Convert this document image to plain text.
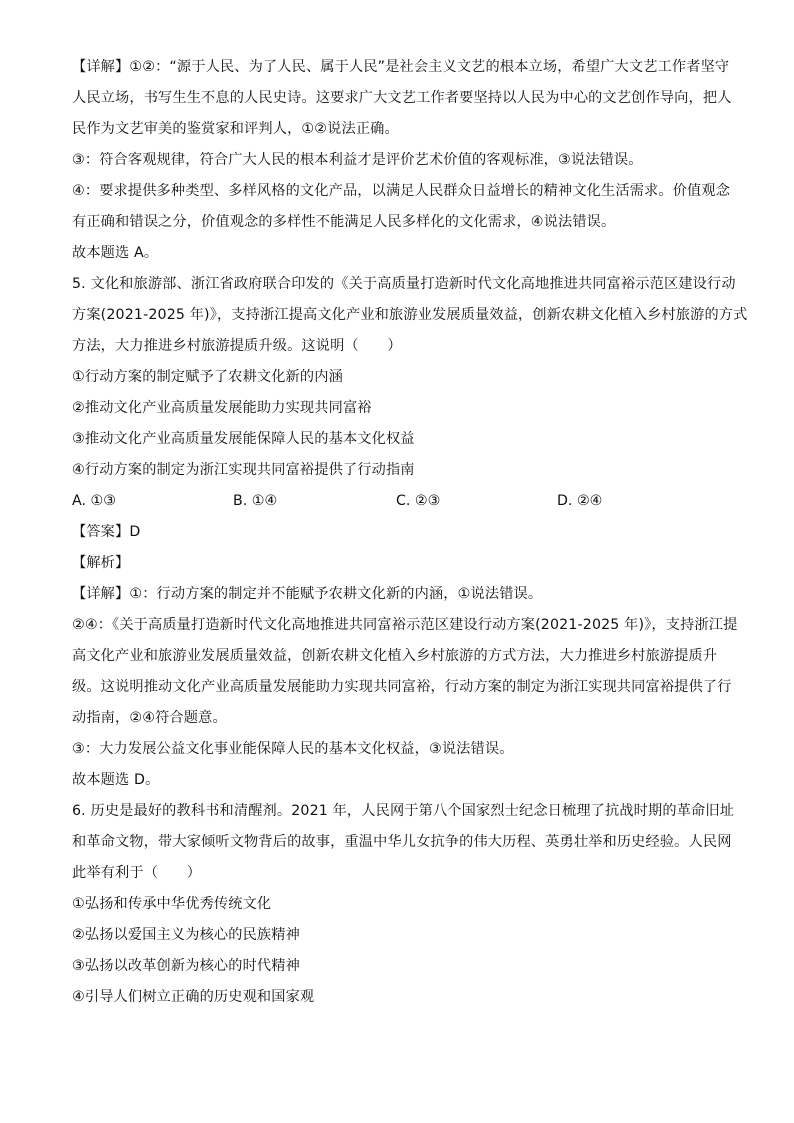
【详解】①②：“源于人民、为了人民、属于人民”是社会主义文艺的根本立场，希望广大文艺工作者坚守
人民立场，书写生生不息的人民史诗。这要求广大文艺工作者要坚持以人民为中心的文艺创作导向，把人
民作为文艺审美的鉴赏家和评判人，①②说法正确。
③：符合客观规律，符合广大人民的根本利益才是评价艺术价值的客观标准，③说法错误。
④：要求提供多种类型、多样风格的文化产品，以满足人民群众日益增长的精神文化生活需求。价值观念
有正确和错误之分，价值观念的多样性不能满足人民多样化的文化需求，④说法错误。
故本题选 A。
5. 文化和旅游部、浙江省政府联合印发的《关于高质量打造新时代文化高地推进共同富裕示范区建设行动
方案(2021-2025 年)》，支持浙江提高文化产业和旅游业发展质量效益，创新农耕文化植入乡村旅游的方式
方法，大力推进乡村旅游提质升级。这说明（　　）
①行动方案的制定赋予了农耕文化新的内涵
②推动文化产业高质量发展能助力实现共同富裕
③推动文化产业高质量发展能保障人民的基本文化权益
④行动方案的制定为浙江实现共同富裕提供了行动指南
A. ①③	B. ①④	C. ②③	D. ②④
【答案】D
【解析】
【详解】①：行动方案的制定并不能赋予农耕文化新的内涵，①说法错误。
②④：《关于高质量打造新时代文化高地推进共同富裕示范区建设行动方案(2021-2025 年)》，支持浙江提
高文化产业和旅游业发展质量效益，创新农耕文化植入乡村旅游的方式方法，大力推进乡村旅游提质升
级。这说明推动文化产业高质量发展能助力实现共同富裕，行动方案的制定为浙江实现共同富裕提供了行
动指南，②④符合题意。
③：大力发展公益文化事业能保障人民的基本文化权益，③说法错误。
故本题选 D。
6. 历史是最好的教科书和清醒剂。2021 年，人民网于第八个国家烈士纪念日梳理了抗战时期的革命旧址
和革命文物，带大家倾听文物背后的故事，重温中华儿女抗争的伟大历程、英勇壮举和历史经验。人民网
此举有利于（　　）
①弘扬和传承中华优秀传统文化
②弘扬以爱国主义为核心的民族精神
③弘扬以改革创新为核心的时代精神
④引导人们树立正确的历史观和国家观
